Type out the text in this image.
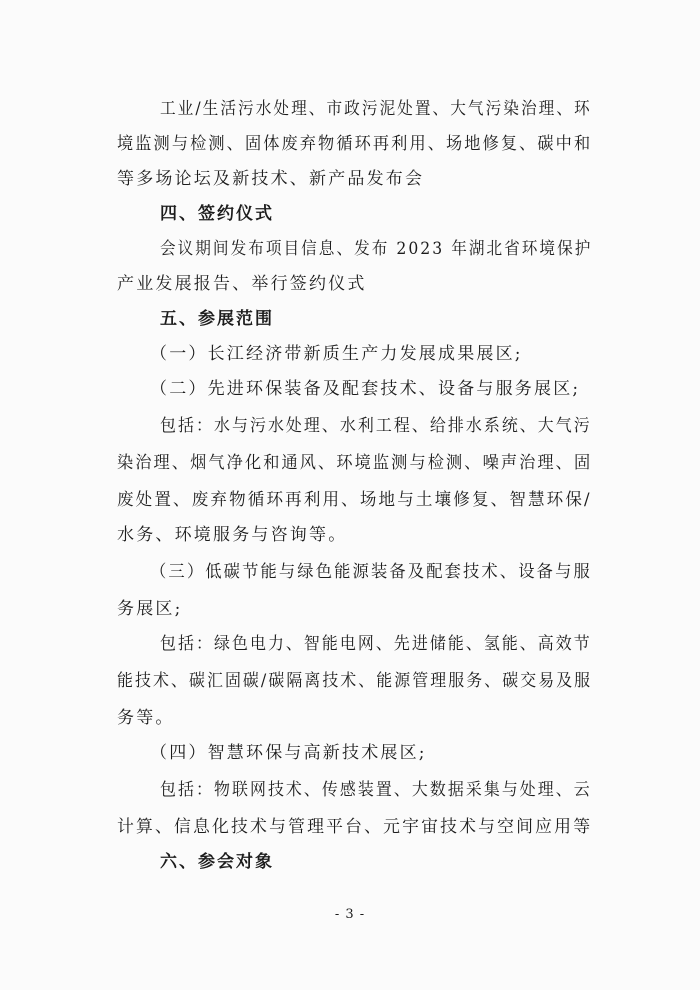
工业/生活污水处理、市政污泥处置、大气污染治理、环
境监测与检测、固体废弃物循环再利用、场地修复、碳中和
等多场论坛及新技术、新产品发布会
四、签约仪式
会议期间发布项目信息、发布 2023 年湖北省环境保护
产业发展报告、举行签约仪式
五、参展范围
（一）长江经济带新质生产力发展成果展区;
（二）先进环保装备及配套技术、设备与服务展区;
包括：水与污水处理、水利工程、给排水系统、大气污
染治理、烟气净化和通风、环境监测与检测、噪声治理、固
废处置、废弃物循环再利用、场地与土壤修复、智慧环保/
水务、环境服务与咨询等。
（三）低碳节能与绿色能源装备及配套技术、设备与服
务展区;
包括：绿色电力、智能电网、先进储能、氢能、高效节
能技术、碳汇固碳/碳隔离技术、能源管理服务、碳交易及服
务等。
（四）智慧环保与高新技术展区;
包括：物联网技术、传感装置、大数据采集与处理、云
计算、信息化技术与管理平台、元宇宙技术与空间应用等
六、参会对象
- 3 -
